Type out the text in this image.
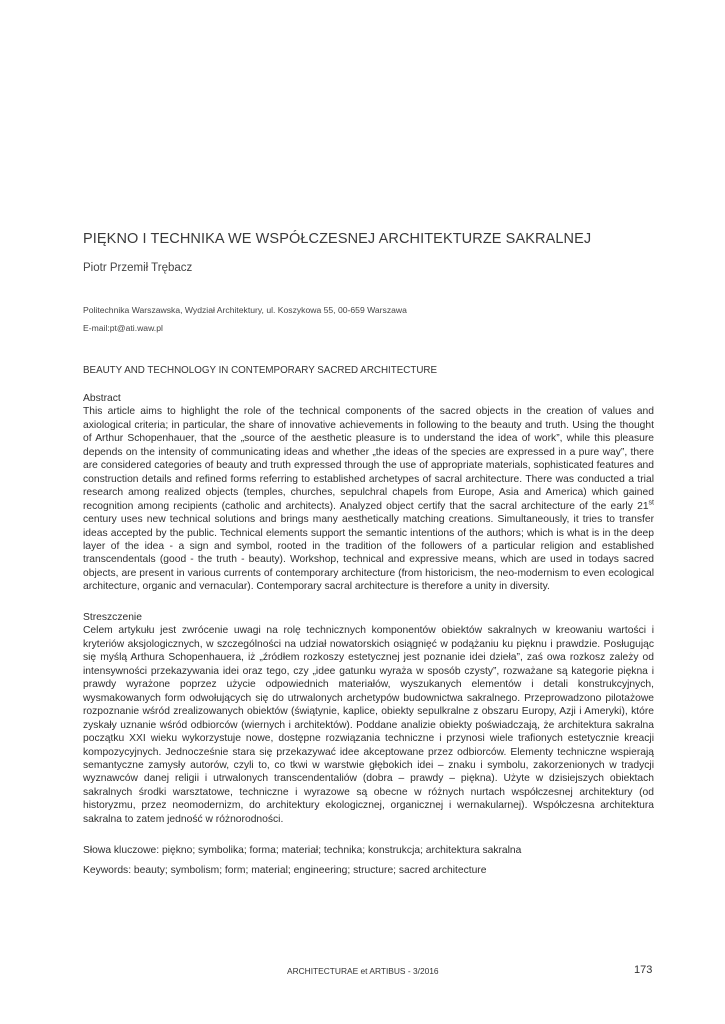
PIĘKNO I TECHNIKA WE WSPÓŁCZESNEJ ARCHITEKTURZE SAKRALNEJ
Piotr Przemił Trębacz
Politechnika Warszawska, Wydział Architektury, ul. Koszykowa 55, 00-659 Warszawa
E-mail:pt@ati.waw.pl
BEAUTY AND TECHNOLOGY IN CONTEMPORARY SACRED ARCHITECTURE
Abstract
This article aims to highlight the role of the technical components of the sacred objects in the creation of values and axiological criteria; in particular, the share of innovative achievements in following to the beauty and truth. Using the thought of Arthur Schopenhauer, that the „source of the aesthetic pleasure is to understand the idea of work”, while this pleasure depends on the intensity of communicating ideas and whether „the ideas of the species are expressed in a pure way”, there are considered categories of beauty and truth expressed through the use of appropriate materials, sophisticated features and construction details and refined forms referring to established archetypes of sacral architecture. There was conducted a trial research among realized objects (temples, churches, sepulchral chapels from Europe, Asia and America) which gained recognition among recipients (catholic and architects). Analyzed object certify that the sacral architecture of the early 21st century uses new technical solutions and brings many aesthetically matching creations. Simultaneously, it tries to transfer ideas accepted by the public. Technical elements support the semantic intentions of the authors; which is what is in the deep layer of the idea - a sign and symbol, rooted in the tradition of the followers of a particular religion and established transcendentals (good - the truth - beauty). Workshop, technical and expressive means, which are used in todays sacred objects, are present in various currents of contemporary architecture (from historicism, the neo-modernism to even ecological architecture, organic and vernacular). Contemporary sacral architecture is therefore a unity in diversity.
Streszczenie
Celem artykułu jest zwrócenie uwagi na rolę technicznych komponentów obiektów sakralnych w kreowaniu wartości i kryteriów aksjologicznych, w szczególności na udział nowatorskich osiągnięć w podążaniu ku pięknu i prawdzie. Posługując się myślą Arthura Schopenhauera, iż „źródłem rozkoszy estetycznej jest poznanie idei dzieła”, zaś owa rozkosz zależy od intensywności przekazywania idei oraz tego, czy „idee gatunku wyraża w sposób czysty”, rozważane są kategorie piękna i prawdy wyrażone poprzez użycie odpowiednich materiałów, wyszukanych elementów i detali konstrukcyjnych, wysmakowanych form odwołujących się do utrwalonych archetypów budownictwa sakralnego. Przeprowadzono pilotażowe rozpoznanie wśród zrealizowanych obiektów (świątynie, kaplice, obiekty sepulkralne z obszaru Europy, Azji i Ameryki), które zyskały uznanie wśród odbiorców (wiernych i architektów). Poddane analizie obiekty poświadczają, że architektura sakralna początku XXI wieku wykorzystuje nowe, dostępne rozwiązania techniczne i przynosi wiele trafionych estetycznie kreacji kompozycyjnych. Jednocześnie stara się przekazywać idee akceptowane przez odbiorców. Elementy techniczne wspierają semantyczne zamysły autorów, czyli to, co tkwi w warstwie głębokich idei – znaku i symbolu, zakorzenionych w tradycji wyznawców danej religii i utrwalonych transcendentaliów (dobra – prawdy – piękna). Użyte w dzisiejszych obiektach sakralnych środki warsztatowe, techniczne i wyrazowe są obecne w różnych nurtach współczesnej architektury (od historyzmu, przez neomodernizm, do architektury ekologicznej, organicznej i wernakularnej). Współczesna architektura sakralna to zatem jedność w różnorodności.
Słowa kluczowe: piękno; symbolika; forma; materiał; technika; konstrukcja; architektura sakralna
Keywords: beauty; symbolism; form; material; engineering; structure; sacred architecture
ARCHITECTURAE et ARTIBUS - 3/2016	173
